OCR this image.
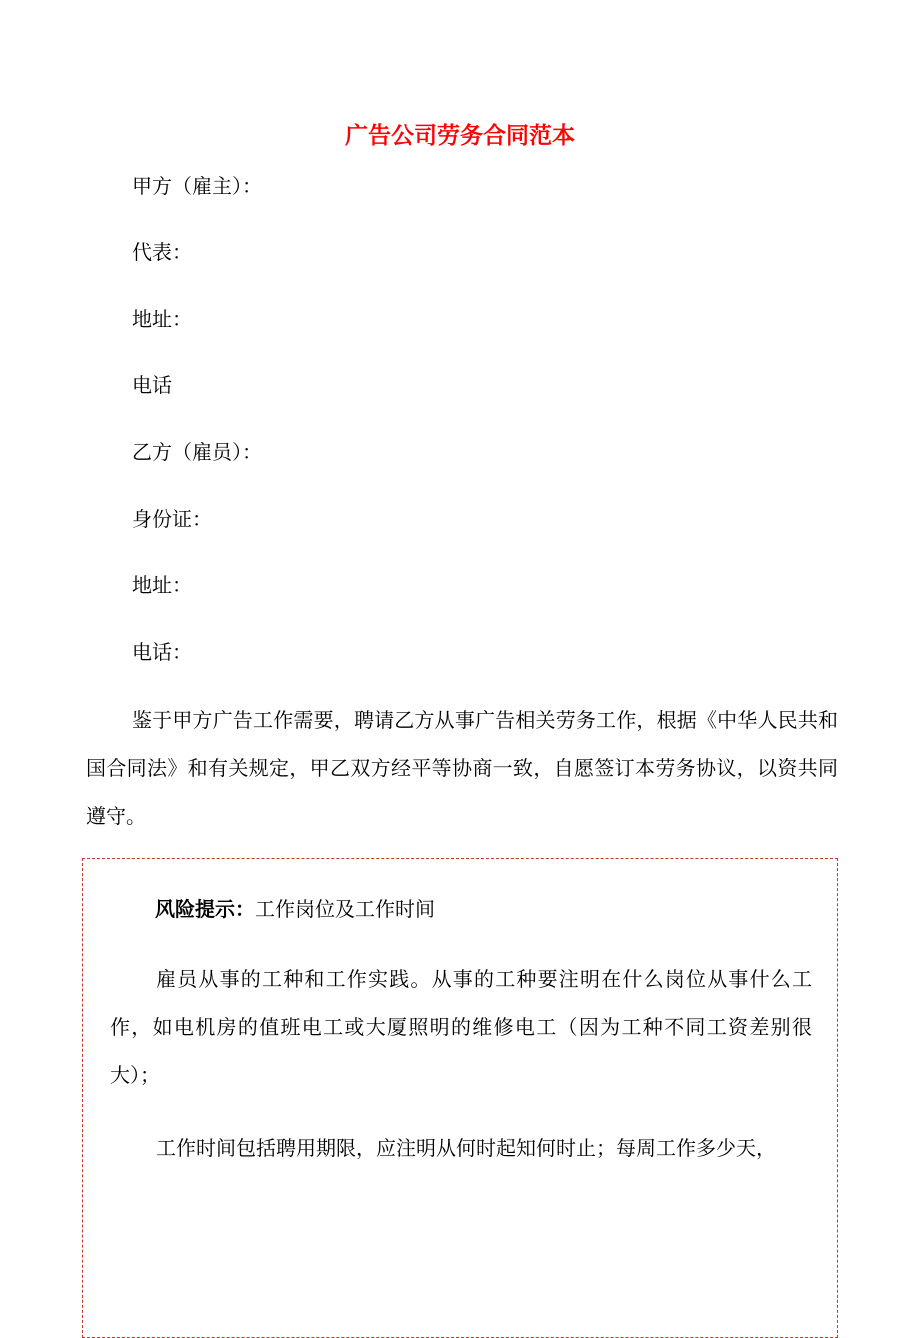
广告公司劳务合同范本
甲方（雇主）：
代表：
地址：
电话
乙方（雇员）：
身份证：
地址：
电话：
鉴于甲方广告工作需要，聘请乙方从事广告相关劳务工作，根据《中华人民共和国合同法》和有关规定，甲乙双方经平等协商一致，自愿签订本劳务协议，以资共同遵守。
风险提示：工作岗位及工作时间
雇员从事的工种和工作实践。从事的工种要注明在什么岗位从事什么工作，如电机房的值班电工或大厦照明的维修电工（因为工种不同工资差别很大）；
工作时间包括聘用期限，应注明从何时起知何时止；每周工作多少天，
